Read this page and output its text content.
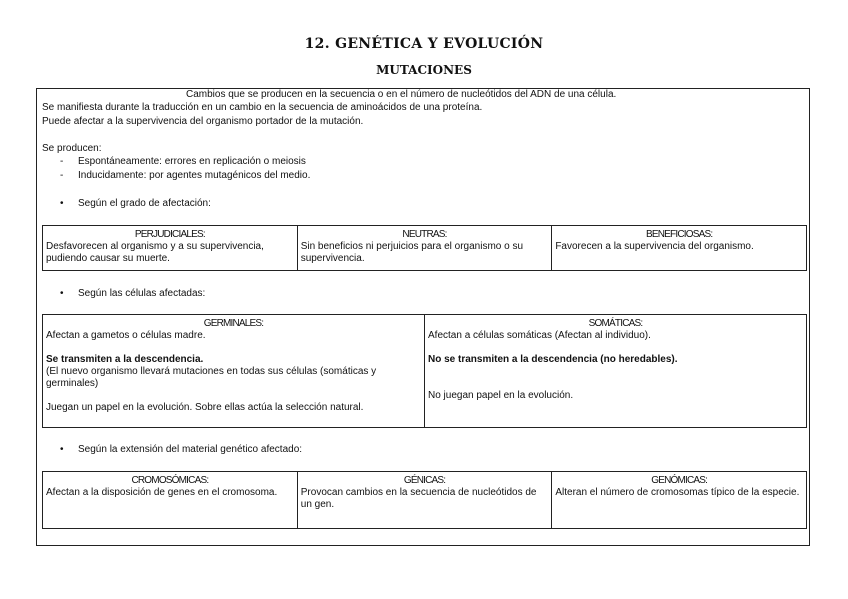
12. GENÉTICA Y EVOLUCIÓN
MUTACIONES
Cambios que se producen en la secuencia o en el número de nucleótidos del ADN de una célula.
Se manifiesta durante la traducción en un cambio en la secuencia de aminoácidos de una proteína.
Puede afectar a la supervivencia del organismo portador de la mutación.
Se producen:
- Espontáneamente: errores en replicación o meiosis
- Inducidamente: por agentes mutagénicos del medio.
• Según el grado de afectación:
PERJUDICIALES:
Desfavorecen al organismo y a su supervivencia, pudiendo causar su muerte.	
NEUTRAS:
Sin beneficios ni perjuicios para el organismo o su supervivencia.	
BENEFICIOSAS:
Favorecen a la supervivencia del organismo.
• Según las células afectadas:
GERMINALES:
Afectan a gametos o células madre.
Se transmiten a la descendencia.
(El nuevo organismo llevará mutaciones en todas sus células (somáticas y germinales)
Juegan un papel en la evolución. Sobre ellas actúa la selección natural.

SOMÁTICAS:
Afectan a células somáticas (Afectan al individuo).
No se transmiten a la descendencia (no heredables).
No juegan papel en la evolución.
• Según la extensión del material genético afectado:
CROMOSÓMICAS:
Afectan a la disposición de genes en el cromosoma.	
GÉNICAS:
Provocan cambios en la secuencia de nucleótidos de un gen.	
GENÓMICAS:
Alteran el número de cromosomas típico de la especie.
